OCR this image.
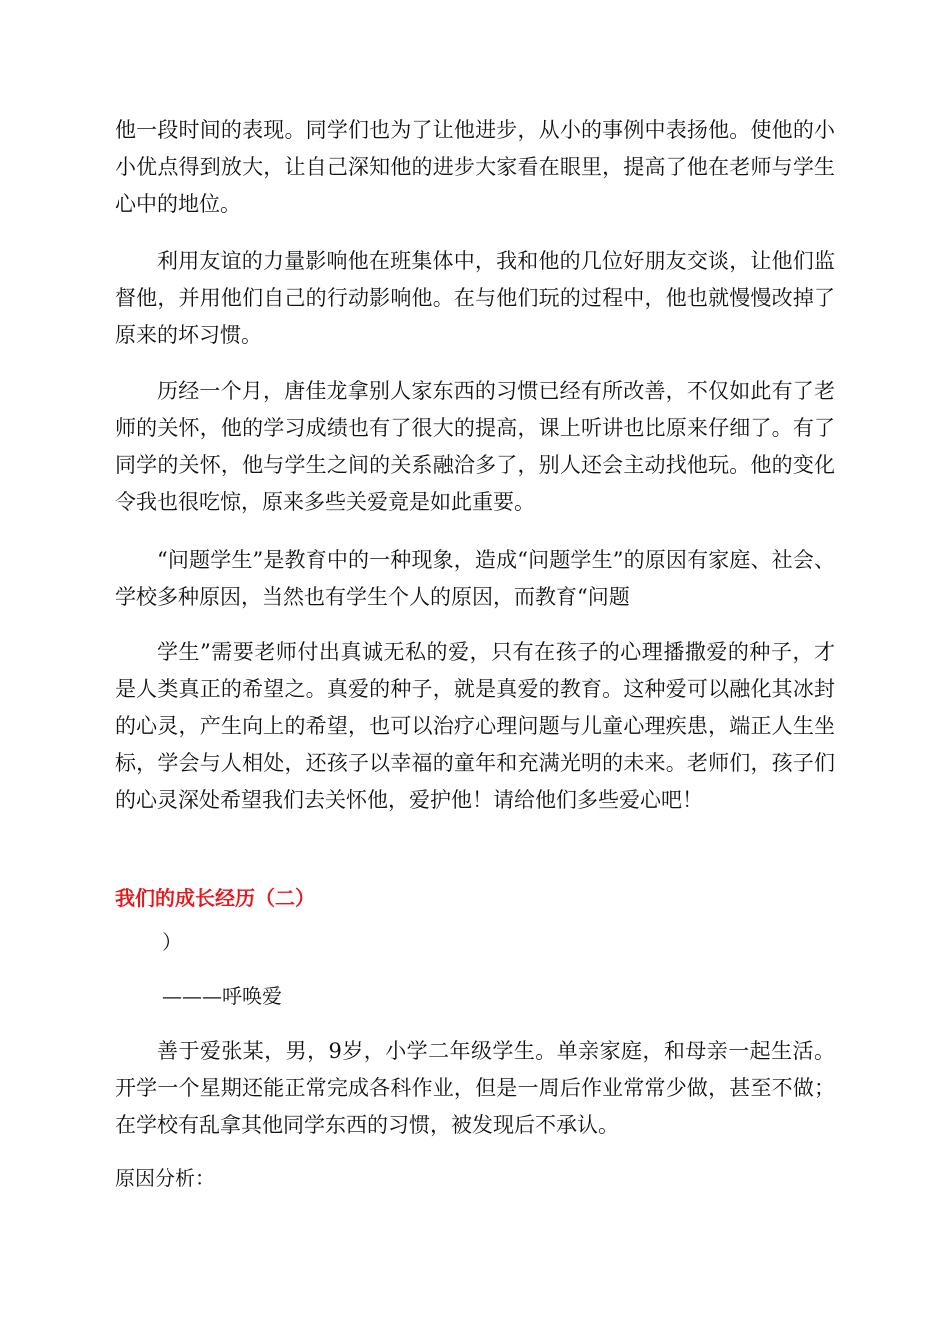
他一段时间的表现。同学们也为了让他进步，从小的事例中表扬他。使他的小小优点得到放大，让自己深知他的进步大家看在眼里，提高了他在老师与学生心中的地位。

利用友谊的力量影响他在班集体中，我和他的几位好朋友交谈，让他们监督他，并用他们自己的行动影响他。在与他们玩的过程中，他也就慢慢改掉了原来的坏习惯。

历经一个月，唐佳龙拿别人家东西的习惯已经有所改善，不仅如此有了老师的关怀，他的学习成绩也有了很大的提高，课上听讲也比原来仔细了。有了同学的关怀，他与学生之间的关系融洽多了，别人还会主动找他玩。他的变化令我也很吃惊，原来多些关爱竟是如此重要。

“问题学生”是教育中的一种现象，造成“问题学生”的原因有家庭、社会、学校多种原因，当然也有学生个人的原因，而教育“问题

学生”需要老师付出真诚无私的爱，只有在孩子的心理播撒爱的种子，才是人类真正的希望之。真爱的种子，就是真爱的教育。这种爱可以融化其冰封的心灵，产生向上的希望，也可以治疗心理问题与儿童心理疾患，端正人生坐标，学会与人相处，还孩子以幸福的童年和充满光明的未来。老师们，孩子们的心灵深处希望我们去关怀他，爱护他！请给他们多些爱心吧！

我们的成长经历（二）

）

———呼唤爱

善于爱张某，男，9岁，小学二年级学生。单亲家庭，和母亲一起生活。开学一个星期还能正常完成各科作业，但是一周后作业常常少做，甚至不做；在学校有乱拿其他同学东西的习惯，被发现后不承认。

原因分析：
